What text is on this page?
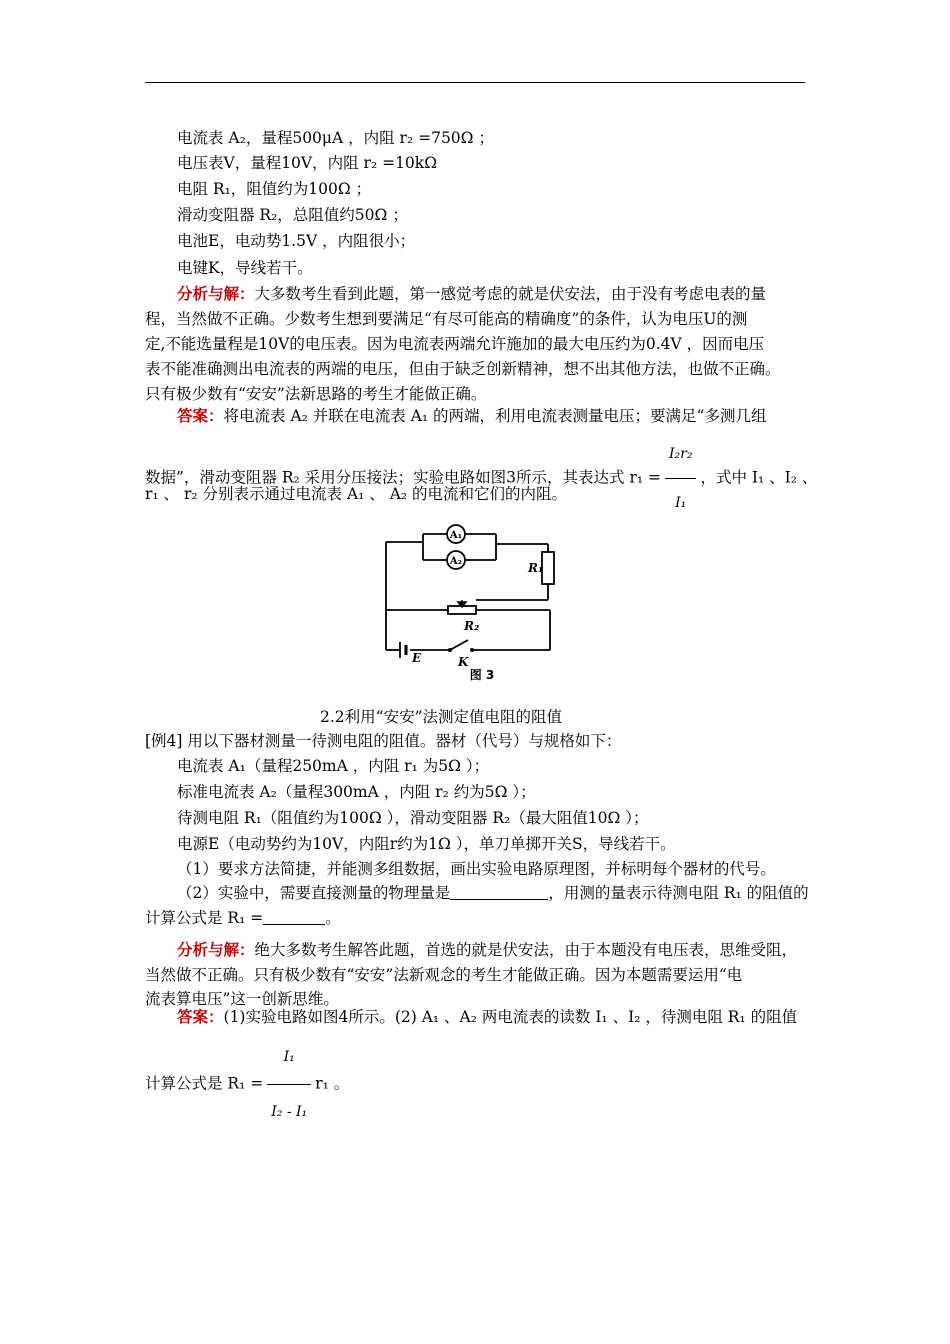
电流表 A₂，量程500μA ，内阻 r₂ =750Ω ；
电压表V，量程10V，内阻 r₂ =10kΩ
电阻 R₁，阻值约为100Ω ；
滑动变阻器 R₂，总阻值约50Ω ；
电池E，电动势1.5V ，内阻很小；
电键K，导线若干。
分析与解：大多数考生看到此题，第一感觉考虑的就是伏安法，由于没有考虑电表的量
程，当然做不正确。少数考生想到要满足“有尽可能高的精确度”的条件，认为电压U的测
定,不能选量程是10V的电压表。因为电流表两端允许施加的最大电压约为0.4V ，因而电压
表不能准确测出电流表的两端的电压，但由于缺乏创新精神，想不出其他方法，也做不正确。
只有极少数有“安安”法新思路的考生才能做正确。
答案：将电流表 A₂ 并联在电流表 A₁ 的两端，利用电流表测量电压；要满足“多测几组
数据”，滑动变阻器 R₂ 采用分压接法；实验电路如图3所示，其表达式 $r_1 = \frac{\text{I₂r₂}}{\text{I₁}}$ ，式中 I₁ 、I₂ 、
r₁ 、 r₂ 分别表示通过电流表 A₁ 、 A₂ 的电流和它们的内阻。
A₁
A₂	R₁
R₂
E	K
图 3
2.2利用“安安”法测定值电阻的阻值
[例4] 用以下器材测量一待测电阻的阻值。器材（代号）与规格如下：
电流表 A₁（量程250mA ，内阻 r₁ 为5Ω ）；
标准电流表 A₂（量程300mA ，内阻 r₂ 约为5Ω ）；
待测电阻 R₁（阻值约为100Ω ），滑动变阻器 R₂（最大阻值10Ω ）；
电源E（电动势约为10V，内阻r约为1Ω ），单刀单掷开关S，导线若干。
（1）要求方法简捷，并能测多组数据，画出实验电路原理图，并标明每个器材的代号。
（2）实验中，需要直接测量的物理量是	，用测的量表示待测电阻 R₁ 的阻值的
计算公式是 R₁ =	。
分析与解：绝大多数考生解答此题，首选的就是伏安法，由于本题没有电压表，思维受阻，
当然做不正确。只有极少数有“安安”法新观念的考生才能做正确。因为本题需要运用“电
流表算电压”这一创新思维。
答案：(1)实验电路如图4所示。(2) A₁ 、A₂ 两电流表的读数 I₁ 、I₂ ，待测电阻 R₁ 的阻值
计算公式是 $R_1 = \frac{\text{I₁}}{\text{I₂ - I₁}} r_1$ 。
